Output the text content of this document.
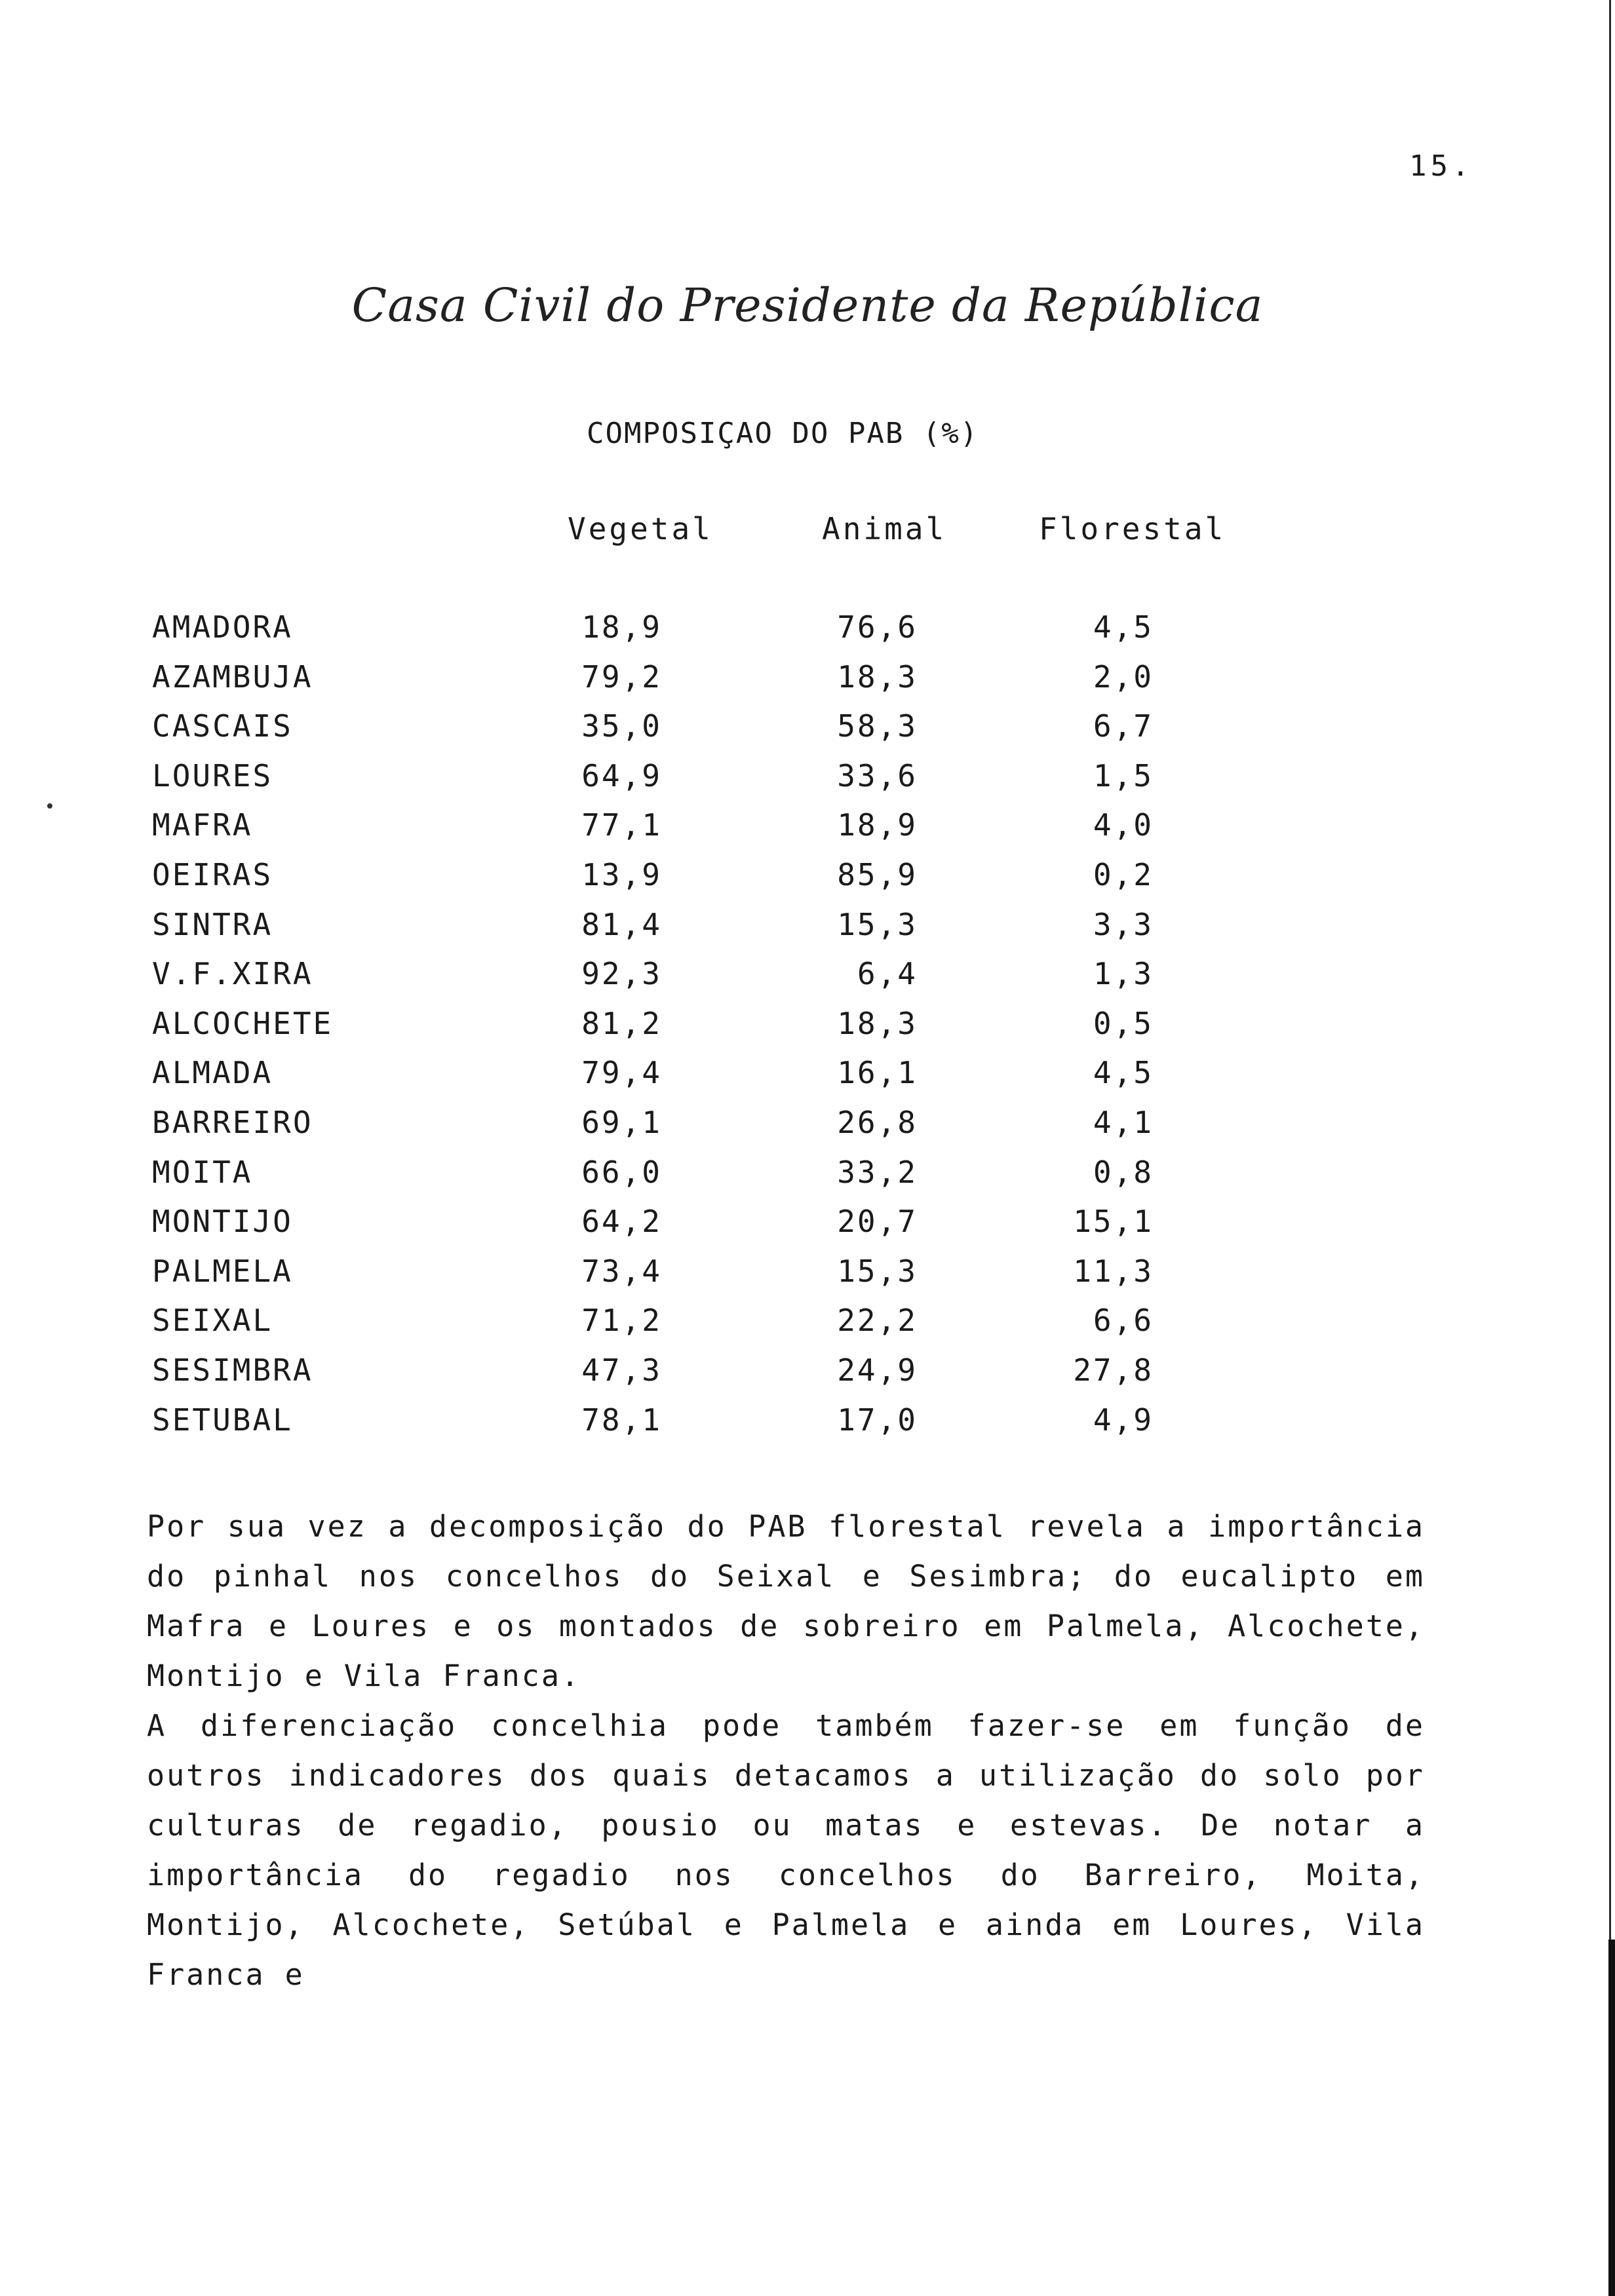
15.
Casa Civil do Presidente da República
COMPOSIÇAO DO PAB (%)
Vegetal	Animal	Florestal
AMADORA	18,9	76,6	4,5
AZAMBUJA	79,2	18,3	2,0
CASCAIS	35,0	58,3	6,7
LOURES	64,9	33,6	1,5
MAFRA	77,1	18,9	4,0
OEIRAS	13,9	85,9	0,2
SINTRA	81,4	15,3	3,3
V.F.XIRA	92,3	6,4	1,3
ALCOCHETE	81,2	18,3	0,5
ALMADA	79,4	16,1	4,5
BARREIRO	69,1	26,8	4,1
MOITA	66,0	33,2	0,8
MONTIJO	64,2	20,7	15,1
PALMELA	73,4	15,3	11,3
SEIXAL	71,2	22,2	6,6
SESIMBRA	47,3	24,9	27,8
SETUBAL	78,1	17,0	4,9

Por sua vez a decomposição do PAB florestal revela a importância do pinhal nos concelhos do Seixal e Sesimbra; do eucalipto em Mafra e Loures e os montados de sobreiro em Palmela, Alcochete, Montijo e Vila Franca.

A diferenciação concelhia pode também fazer-se em função de outros indicadores dos quais detacamos a utilização do solo por culturas de regadio, pousio ou matas e estevas. De notar a importância do regadio nos concelhos do Barreiro, Moita, Montijo, Alcochete, Setúbal e Palmela e ainda em Loures, Vila Franca e
